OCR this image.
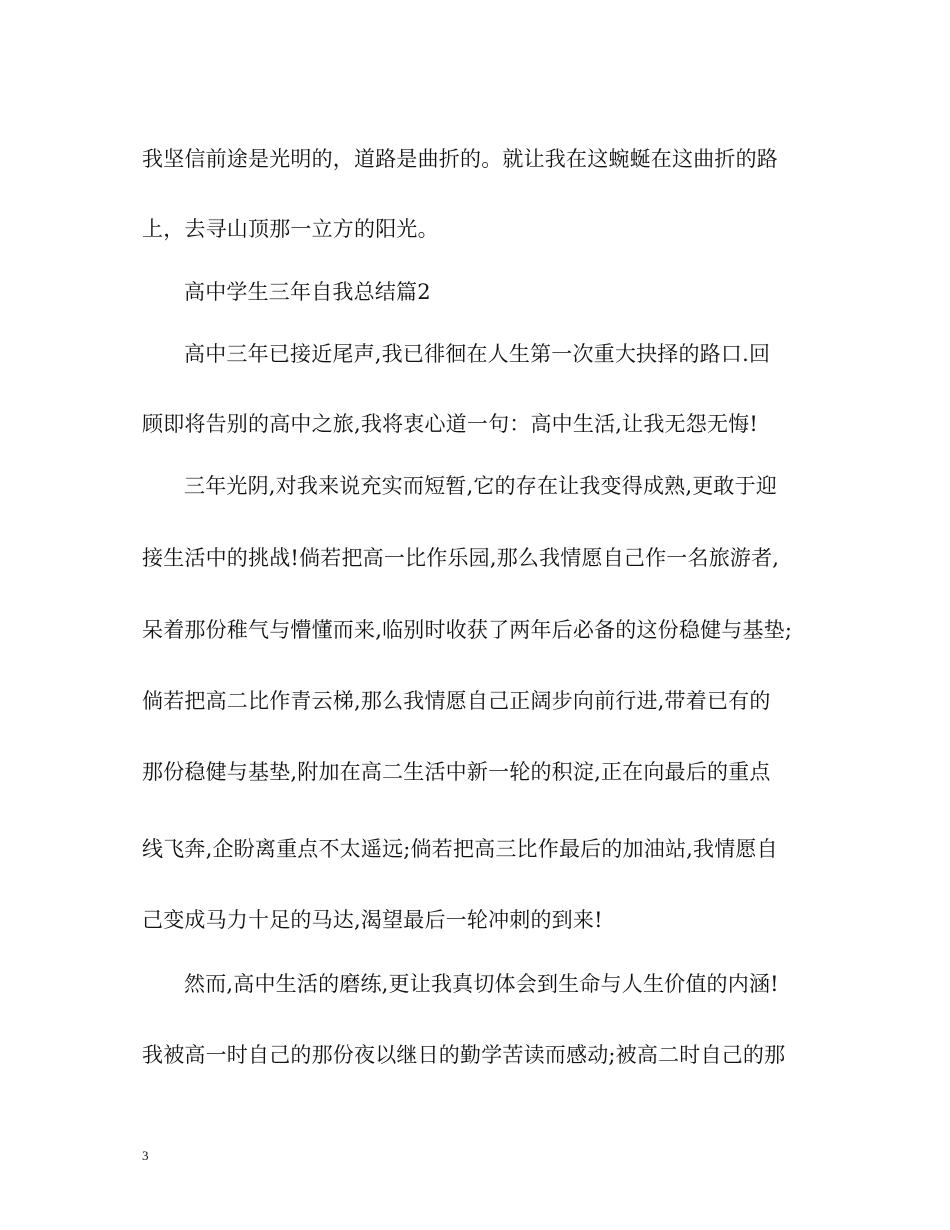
我坚信前途是光明的，道路是曲折的。就让我在这蜿蜒在这曲折的路
上，去寻山顶那一立方的阳光。
高中学生三年自我总结篇2
高中三年已接近尾声,我已徘徊在人生第一次重大抉择的路口.回
顾即将告别的高中之旅,我将衷心道一句：高中生活,让我无怨无悔!
三年光阴,对我来说充实而短暂,它的存在让我变得成熟,更敢于迎
接生活中的挑战!倘若把高一比作乐园,那么我情愿自己作一名旅游者,
呆着那份稚气与懵懂而来,临别时收获了两年后必备的这份稳健与基垫;
倘若把高二比作青云梯,那么我情愿自己正阔步向前行进,带着已有的
那份稳健与基垫,附加在高二生活中新一轮的积淀,正在向最后的重点
线飞奔,企盼离重点不太遥远;倘若把高三比作最后的加油站,我情愿自
己变成马力十足的马达,渴望最后一轮冲刺的到来!
然而,高中生活的磨练,更让我真切体会到生命与人生价值的内涵!
我被高一时自己的那份夜以继日的勤学苦读而感动;被高二时自己的那
3
